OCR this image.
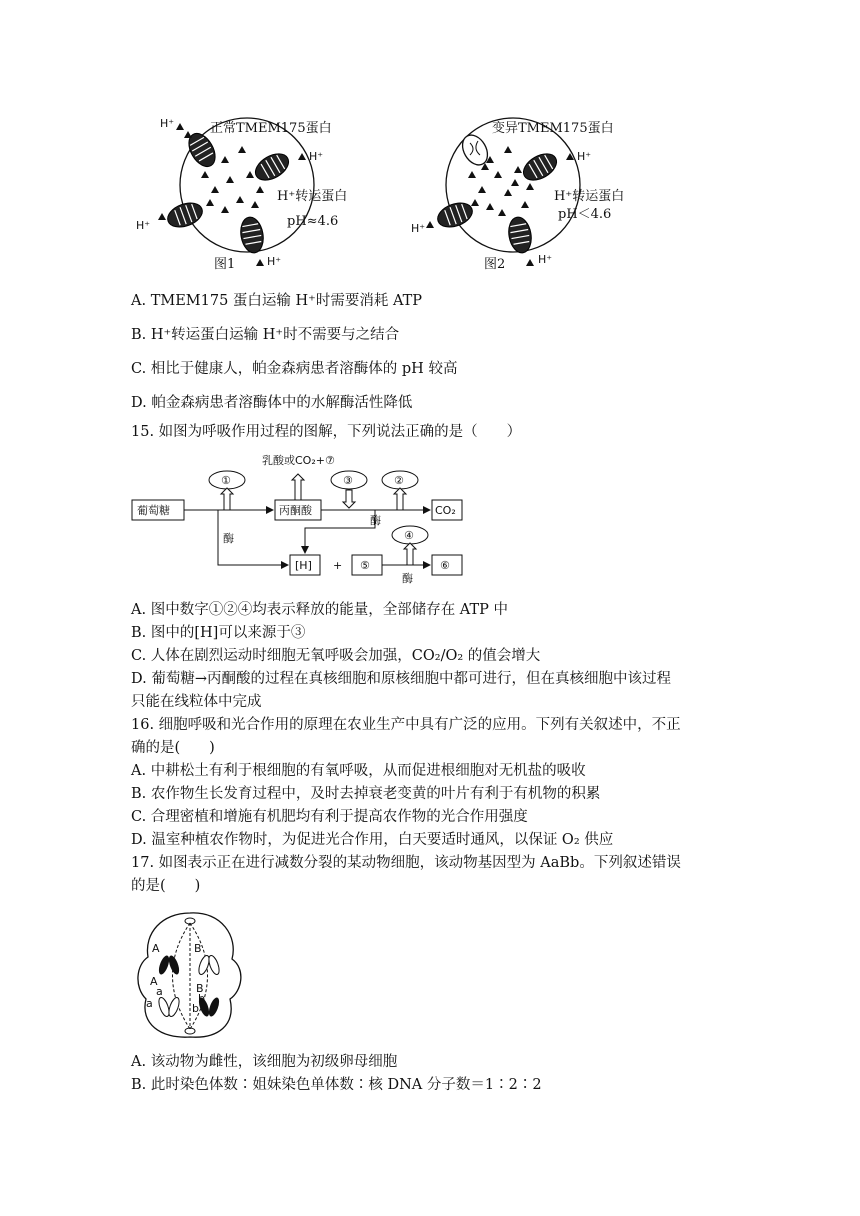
H⁺
H⁺
H⁺
H⁺
正常TMEM175蛋白
H⁺转运蛋白
pH≈4.6
图1
H⁺
H⁺
H⁺
变异TMEM175蛋白
H⁺转运蛋白
pH＜4.6
图2
A. TMEM175 蛋白运输 H⁺时需要消耗 ATP
B. H⁺转运蛋白运输 H⁺时不需要与之结合
C. 相比于健康人，帕金森病患者溶酶体的 pH 较高
D. 帕金森病患者溶酶体中的水解酶活性降低
15. 如图为呼吸作用过程的图解，下列说法正确的是（　　）
葡萄糖	丙酮酸	CO₂
[H]	⑤	⑥
+
①	③	②
④
乳酸或CO₂+⑦
酶
酶
酶
A. 图中数字①②④均表示释放的能量，全部储存在 ATP 中
B. 图中的[H]可以来源于③
C. 人体在剧烈运动时细胞无氧呼吸会加强，CO₂/O₂ 的值会增大
D. 葡萄糖→丙酮酸的过程在真核细胞和原核细胞中都可进行，但在真核细胞中该过程
只能在线粒体中完成
16. 细胞呼吸和光合作用的原理在农业生产中具有广泛的应用。下列有关叙述中，不正
确的是(　　)
A. 中耕松土有利于根细胞的有氧呼吸，从而促进根细胞对无机盐的吸收
B. 农作物生长发育过程中，及时去掉衰老变黄的叶片有利于有机物的积累
C. 合理密植和增施有机肥均有利于提高农作物的光合作用强度
D. 温室种植农作物时，为促进光合作用，白天要适时通风，以保证 O₂ 供应
17. 如图表示正在进行减数分裂的某动物细胞，该动物基因型为 AaBb。下列叙述错误
的是(　　)
A
A
a
a
B
B
b
b
A. 该动物为雌性，该细胞为初级卵母细胞
B. 此时染色体数∶姐妹染色单体数∶核 DNA 分子数＝1∶2∶2
